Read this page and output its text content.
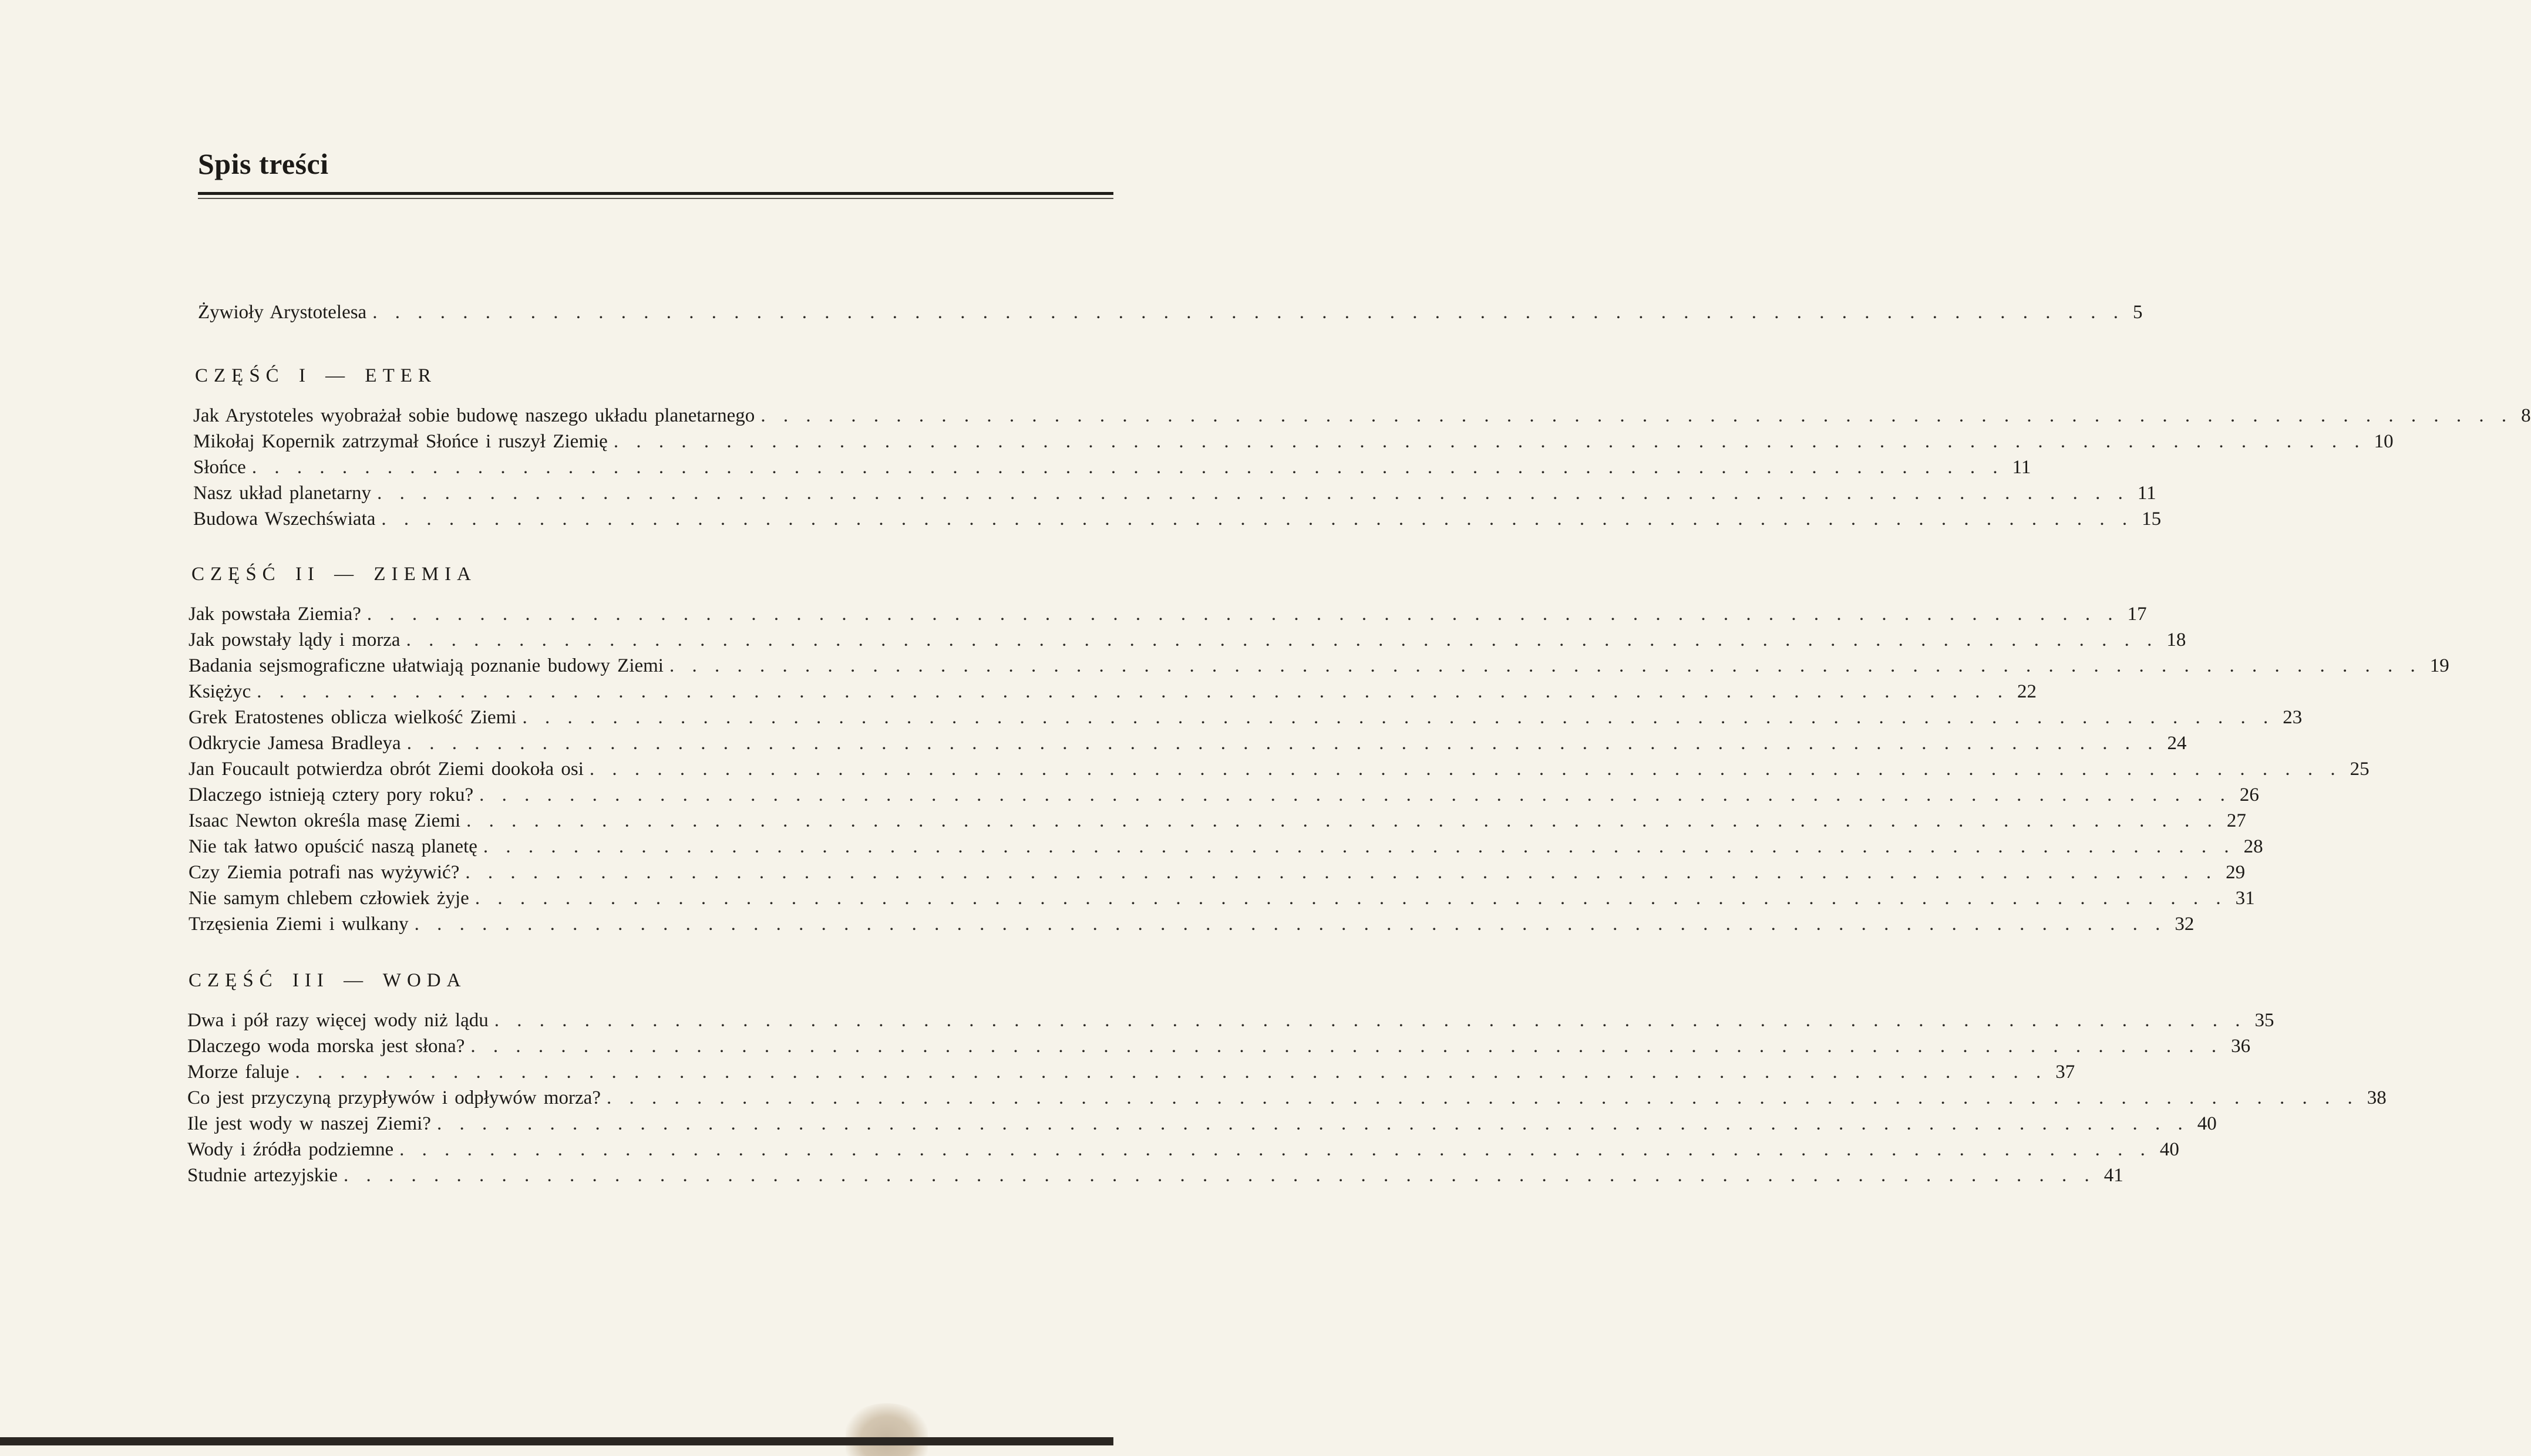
Spis treści
Żywioły Arystotelesa . . . . . . . . . . . . . . . . . . . . . . . . . . . . . . . . . . . . . . . . . . . . . . . . . . . . . . . . . . . . . . . . . . . . . . . . . . . . . . 5
CZĘŚĆ I — ETER
Jak Arystoteles wyobrażał sobie budowę naszego układu planetarnego . . . . . . . . . . . . . . . . . . . . . . . . . . . . . . . . . . . . . . . . . . . . . . . . . . . . . . . . . . . . . . . . . . . . . . . . . . . . . . 8
Mikołaj Kopernik zatrzymał Słońce i ruszył Ziemię . . . . . . . . . . . . . . . . . . . . . . . . . . . . . . . . . . . . . . . . . . . . . . . . . . . . . . . . . . . . . . . . . . . . . . . . . . . . . . 10
Słońce . . . . . . . . . . . . . . . . . . . . . . . . . . . . . . . . . . . . . . . . . . . . . . . . . . . . . . . . . . . . . . . . . . . . . . . . . . . . . . 11
Nasz układ planetarny . . . . . . . . . . . . . . . . . . . . . . . . . . . . . . . . . . . . . . . . . . . . . . . . . . . . . . . . . . . . . . . . . . . . . . . . . . . . . . 11
Budowa Wszechświata . . . . . . . . . . . . . . . . . . . . . . . . . . . . . . . . . . . . . . . . . . . . . . . . . . . . . . . . . . . . . . . . . . . . . . . . . . . . . . 15
CZĘŚĆ II — ZIEMIA
Jak powstała Ziemia? . . . . . . . . . . . . . . . . . . . . . . . . . . . . . . . . . . . . . . . . . . . . . . . . . . . . . . . . . . . . . . . . . . . . . . . . . . . . . . 17
Jak powstały lądy i morza . . . . . . . . . . . . . . . . . . . . . . . . . . . . . . . . . . . . . . . . . . . . . . . . . . . . . . . . . . . . . . . . . . . . . . . . . . . . . . 18
Badania sejsmograficzne ułatwiają poznanie budowy Ziemi . . . . . . . . . . . . . . . . . . . . . . . . . . . . . . . . . . . . . . . . . . . . . . . . . . . . . . . . . . . . . . . . . . . . . . . . . . . . . . 19
Księżyc . . . . . . . . . . . . . . . . . . . . . . . . . . . . . . . . . . . . . . . . . . . . . . . . . . . . . . . . . . . . . . . . . . . . . . . . . . . . . . 22
Grek Eratostenes oblicza wielkość Ziemi . . . . . . . . . . . . . . . . . . . . . . . . . . . . . . . . . . . . . . . . . . . . . . . . . . . . . . . . . . . . . . . . . . . . . . . . . . . . . . 23
Odkrycie Jamesa Bradleya . . . . . . . . . . . . . . . . . . . . . . . . . . . . . . . . . . . . . . . . . . . . . . . . . . . . . . . . . . . . . . . . . . . . . . . . . . . . . . 24
Jan Foucault potwierdza obrót Ziemi dookoła osi . . . . . . . . . . . . . . . . . . . . . . . . . . . . . . . . . . . . . . . . . . . . . . . . . . . . . . . . . . . . . . . . . . . . . . . . . . . . . . 25
Dlaczego istnieją cztery pory roku? . . . . . . . . . . . . . . . . . . . . . . . . . . . . . . . . . . . . . . . . . . . . . . . . . . . . . . . . . . . . . . . . . . . . . . . . . . . . . . 26
Isaac Newton określa masę Ziemi . . . . . . . . . . . . . . . . . . . . . . . . . . . . . . . . . . . . . . . . . . . . . . . . . . . . . . . . . . . . . . . . . . . . . . . . . . . . . . 27
Nie tak łatwo opuścić naszą planetę . . . . . . . . . . . . . . . . . . . . . . . . . . . . . . . . . . . . . . . . . . . . . . . . . . . . . . . . . . . . . . . . . . . . . . . . . . . . . . 28
Czy Ziemia potrafi nas wyżywić? . . . . . . . . . . . . . . . . . . . . . . . . . . . . . . . . . . . . . . . . . . . . . . . . . . . . . . . . . . . . . . . . . . . . . . . . . . . . . . 29
Nie samym chlebem człowiek żyje . . . . . . . . . . . . . . . . . . . . . . . . . . . . . . . . . . . . . . . . . . . . . . . . . . . . . . . . . . . . . . . . . . . . . . . . . . . . . . 31
Trzęsienia Ziemi i wulkany . . . . . . . . . . . . . . . . . . . . . . . . . . . . . . . . . . . . . . . . . . . . . . . . . . . . . . . . . . . . . . . . . . . . . . . . . . . . . . 32
CZĘŚĆ III — WODA
Dwa i pół razy więcej wody niż lądu . . . . . . . . . . . . . . . . . . . . . . . . . . . . . . . . . . . . . . . . . . . . . . . . . . . . . . . . . . . . . . . . . . . . . . . . . . . . . . 35
Dlaczego woda morska jest słona? . . . . . . . . . . . . . . . . . . . . . . . . . . . . . . . . . . . . . . . . . . . . . . . . . . . . . . . . . . . . . . . . . . . . . . . . . . . . . . 36
Morze faluje . . . . . . . . . . . . . . . . . . . . . . . . . . . . . . . . . . . . . . . . . . . . . . . . . . . . . . . . . . . . . . . . . . . . . . . . . . . . . . 37
Co jest przyczyną przypływów i odpływów morza? . . . . . . . . . . . . . . . . . . . . . . . . . . . . . . . . . . . . . . . . . . . . . . . . . . . . . . . . . . . . . . . . . . . . . . . . . . . . . . 38
Ile jest wody w naszej Ziemi? . . . . . . . . . . . . . . . . . . . . . . . . . . . . . . . . . . . . . . . . . . . . . . . . . . . . . . . . . . . . . . . . . . . . . . . . . . . . . . 40
Wody i źródła podziemne . . . . . . . . . . . . . . . . . . . . . . . . . . . . . . . . . . . . . . . . . . . . . . . . . . . . . . . . . . . . . . . . . . . . . . . . . . . . . . 40
Studnie artezyjskie . . . . . . . . . . . . . . . . . . . . . . . . . . . . . . . . . . . . . . . . . . . . . . . . . . . . . . . . . . . . . . . . . . . . . . . . . . . . . . 41
